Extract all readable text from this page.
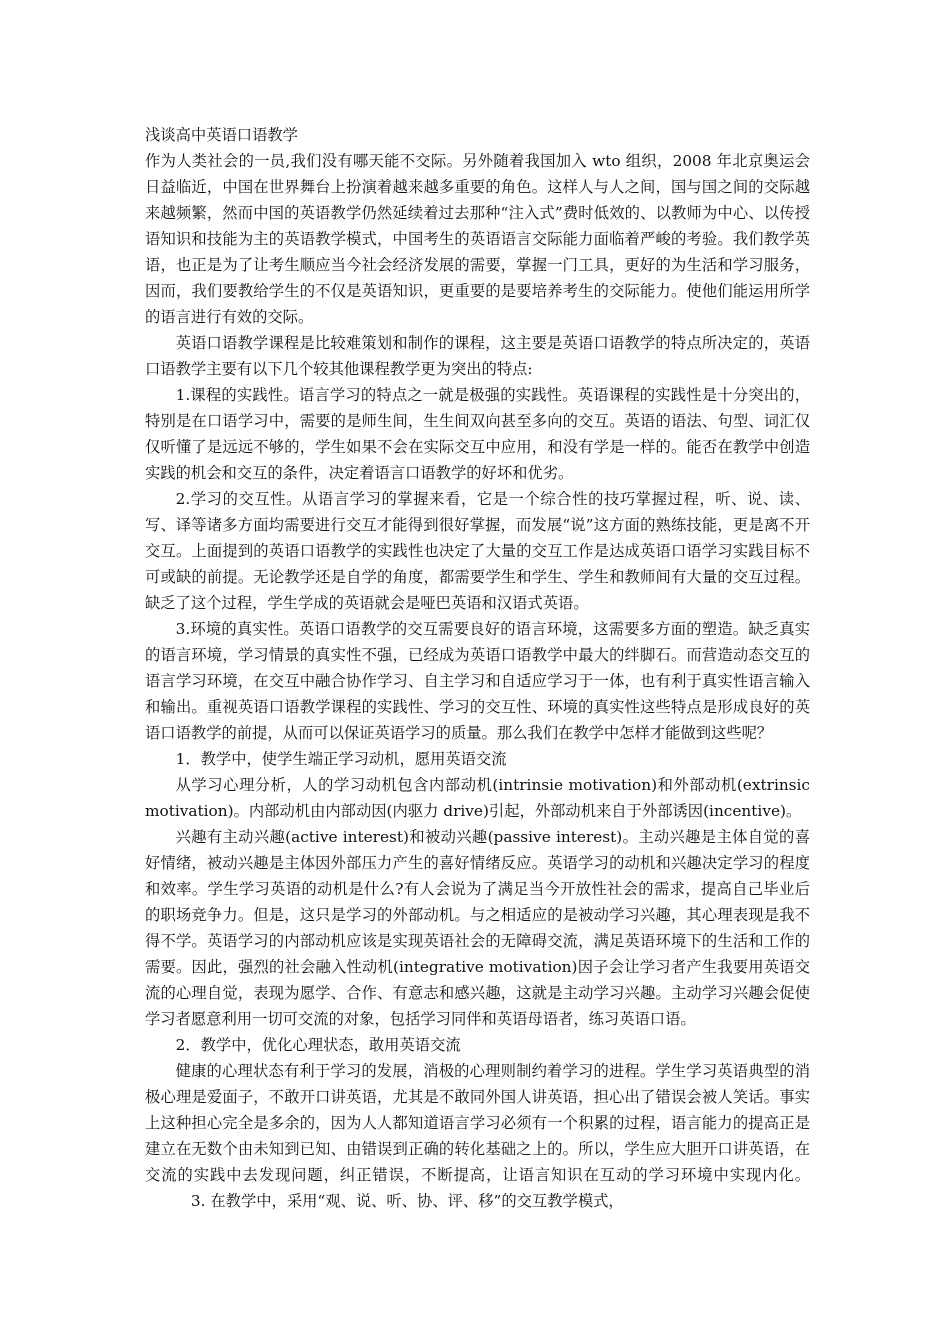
浅谈高中英语口语教学

作为人类社会的一员,我们没有哪天能不交际。另外随着我国加入 wto 组织，2008 年北京奥运会日益临近，中国在世界舞台上扮演着越来越多重要的角色。这样人与人之间，国与国之间的交际越来越频繁，然而中国的英语教学仍然延续着过去那种“注入式”费时低效的、以教师为中心、以传授语知识和技能为主的英语教学模式，中国考生的英语语言交际能力面临着严峻的考验。我们教学英语，也正是为了让考生顺应当今社会经济发展的需要，掌握一门工具，更好的为生活和学习服务，因而，我们要教给学生的不仅是英语知识，更重要的是要培养考生的交际能力。使他们能运用所学的语言进行有效的交际。

英语口语教学课程是比较难策划和制作的课程，这主要是英语口语教学的特点所决定的，英语口语教学主要有以下几个较其他课程教学更为突出的特点:

1.课程的实践性。语言学习的特点之一就是极强的实践性。英语课程的实践性是十分突出的，特别是在口语学习中，需要的是师生间，生生间双向甚至多向的交互。英语的语法、句型、词汇仅仅听懂了是远远不够的，学生如果不会在实际交互中应用，和没有学是一样的。能否在教学中创造实践的机会和交互的条件，决定着语言口语教学的好坏和优劣。

2.学习的交互性。从语言学习的掌握来看，它是一个综合性的技巧掌握过程，听、说、读、写、译等诸多方面均需要进行交互才能得到很好掌握，而发展“说”这方面的熟练技能，更是离不开交互。上面提到的英语口语教学的实践性也决定了大量的交互工作是达成英语口语学习实践目标不可或缺的前提。无论教学还是自学的角度，都需要学生和学生、学生和教师间有大量的交互过程。缺乏了这个过程，学生学成的英语就会是哑巴英语和汉语式英语。

3.环境的真实性。英语口语教学的交互需要良好的语言环境，这需要多方面的塑造。缺乏真实的语言环境，学习情景的真实性不强，已经成为英语口语教学中最大的绊脚石。而营造动态交互的语言学习环境，在交互中融合协作学习、自主学习和自适应学习于一体，也有利于真实性语言输入和输出。重视英语口语教学课程的实践性、学习的交互性、环境的真实性这些特点是形成良好的英语口语教学的前提，从而可以保证英语学习的质量。那么我们在教学中怎样才能做到这些呢？

1．教学中，使学生端正学习动机，愿用英语交流

从学习心理分析，人的学习动机包含内部动机(intrinsie motivation)和外部动机(extrinsic motivation)。内部动机由内部动因(内驱力 drive)引起，外部动机来自于外部诱因(incentive)。

兴趣有主动兴趣(active interest)和被动兴趣(passive interest)。主动兴趣是主体自觉的喜好情绪，被动兴趣是主体因外部压力产生的喜好情绪反应。英语学习的动机和兴趣决定学习的程度和效率。学生学习英语的动机是什么?有人会说为了满足当今开放性社会的需求，提高自己毕业后的职场竞争力。但是，这只是学习的外部动机。与之相适应的是被动学习兴趣，其心理表现是我不得不学。英语学习的内部动机应该是实现英语社会的无障碍交流，满足英语环境下的生活和工作的需要。因此，强烈的社会融入性动机(integrative motivation)因子会让学习者产生我要用英语交流的心理自觉，表现为愿学、合作、有意志和感兴趣，这就是主动学习兴趣。主动学习兴趣会促使学习者愿意利用一切可交流的对象，包括学习同伴和英语母语者，练习英语口语。

2．教学中，优化心理状态，敢用英语交流

健康的心理状态有利于学习的发展，消极的心理则制约着学习的进程。学生学习英语典型的消极心理是爱面子，不敢开口讲英语，尤其是不敢同外国人讲英语，担心出了错误会被人笑话。事实上这种担心完全是多余的，因为人人都知道语言学习必须有一个积累的过程，语言能力的提高正是建立在无数个由未知到已知、由错误到正确的转化基础之上的。所以，学生应大胆开口讲英语，在交流的实践中去发现问题，纠正错误，不断提高，让语言知识在互动的学习环境中实现内化。3. 在教学中，采用“观、说、听、协、评、移”的交互教学模式，
